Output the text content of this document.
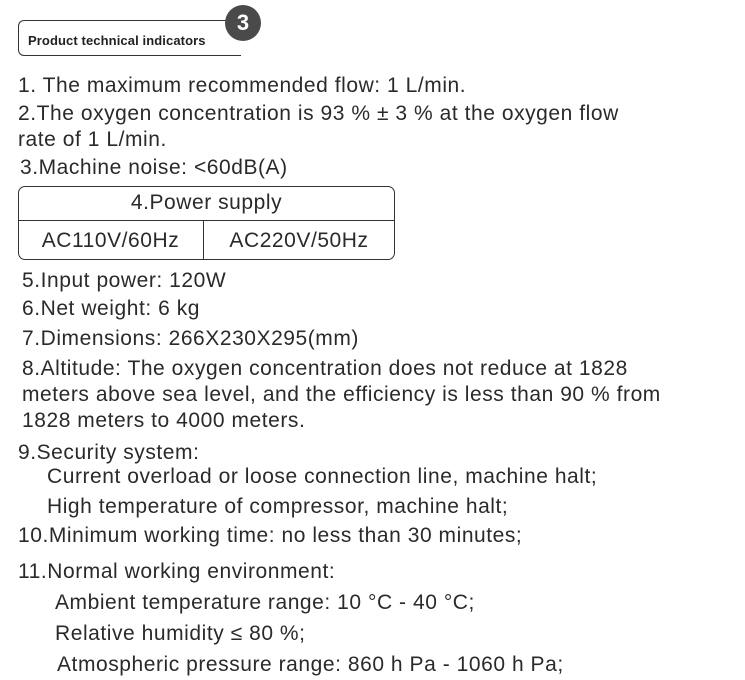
Product technical indicators
3
1. The maximum recommended flow: 1 L/min.
2.The oxygen concentration is 93 % ± 3 % at the oxygen flow
rate of 1 L/min.
3.Machine noise: <60dB(A)
4.Power supply
AC110V/60Hz	AC220V/50Hz
5.Input power: 120W
6.Net weight: 6 kg
7.Dimensions: 266X230X295(mm)
8.Altitude: The oxygen concentration does not reduce at 1828
meters above sea level, and the efficiency is less than 90 % from
1828 meters to 4000 meters.
9.Security system:
Current overload or loose connection line, machine halt;
High temperature of compressor, machine halt;
10.Minimum working time: no less than 30 minutes;
11.Normal working environment:
Ambient temperature range: 10 °C - 40 °C;
Relative humidity ≤ 80 %;
Atmospheric pressure range: 860 h Pa - 1060 h Pa;
